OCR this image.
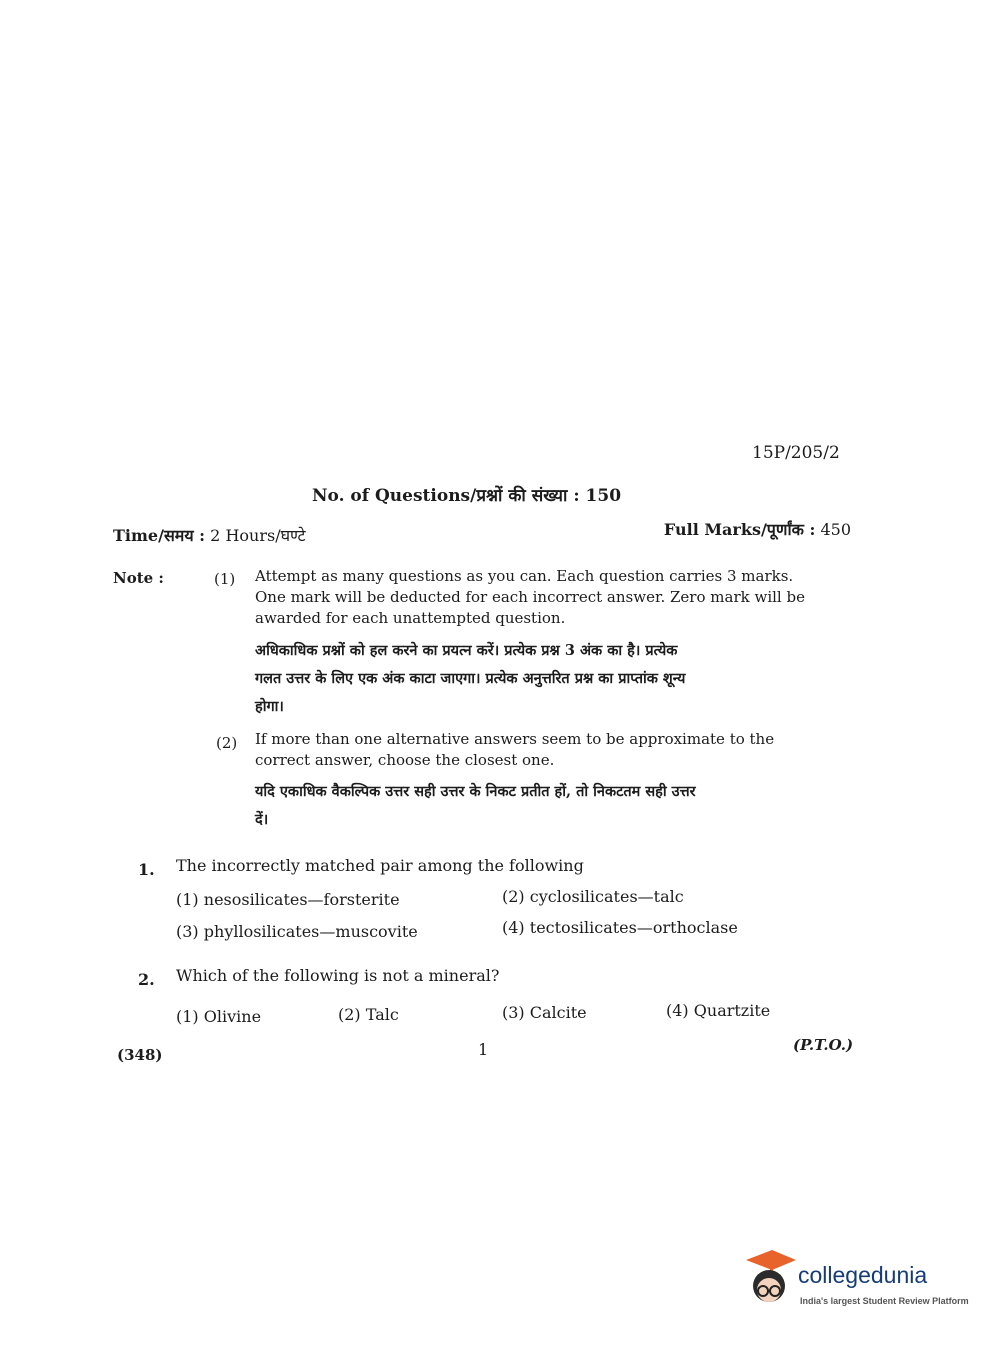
15P/205/2
No. of Questions/प्रश्नों की संख्या : 150
Time/समय : 2 Hours/घण्टे	Full Marks/पूर्णांक : 450
Note :	(1) Attempt as many questions as you can. Each question carries 3 marks.
One mark will be deducted for each incorrect answer. Zero mark will be
awarded for each unattempted question.
अधिकाधिक प्रश्नों को हल करने का प्रयत्न करें। प्रत्येक प्रश्न 3 अंक का है। प्रत्येक
गलत उत्तर के लिए एक अंक काटा जाएगा। प्रत्येक अनुत्तरित प्रश्न का प्राप्तांक शून्य
होगा।
(2) If more than one alternative answers seem to be approximate to the
correct answer, choose the closest one.
यदि एकाधिक वैकल्पिक उत्तर सही उत्तर के निकट प्रतीत हों, तो निकटतम सही उत्तर
दें।
1. The incorrectly matched pair among the following
(1) nesosilicates—forsterite	(2) cyclosilicates—talc
(3) phyllosilicates—muscovite	(4) tectosilicates—orthoclase
2. Which of the following is not a mineral?
(1) Olivine	(2) Talc	(3) Calcite	(4) Quartzite
(348)	1	(P.T.O.)
collegedunia
India's largest Student Review Platform
